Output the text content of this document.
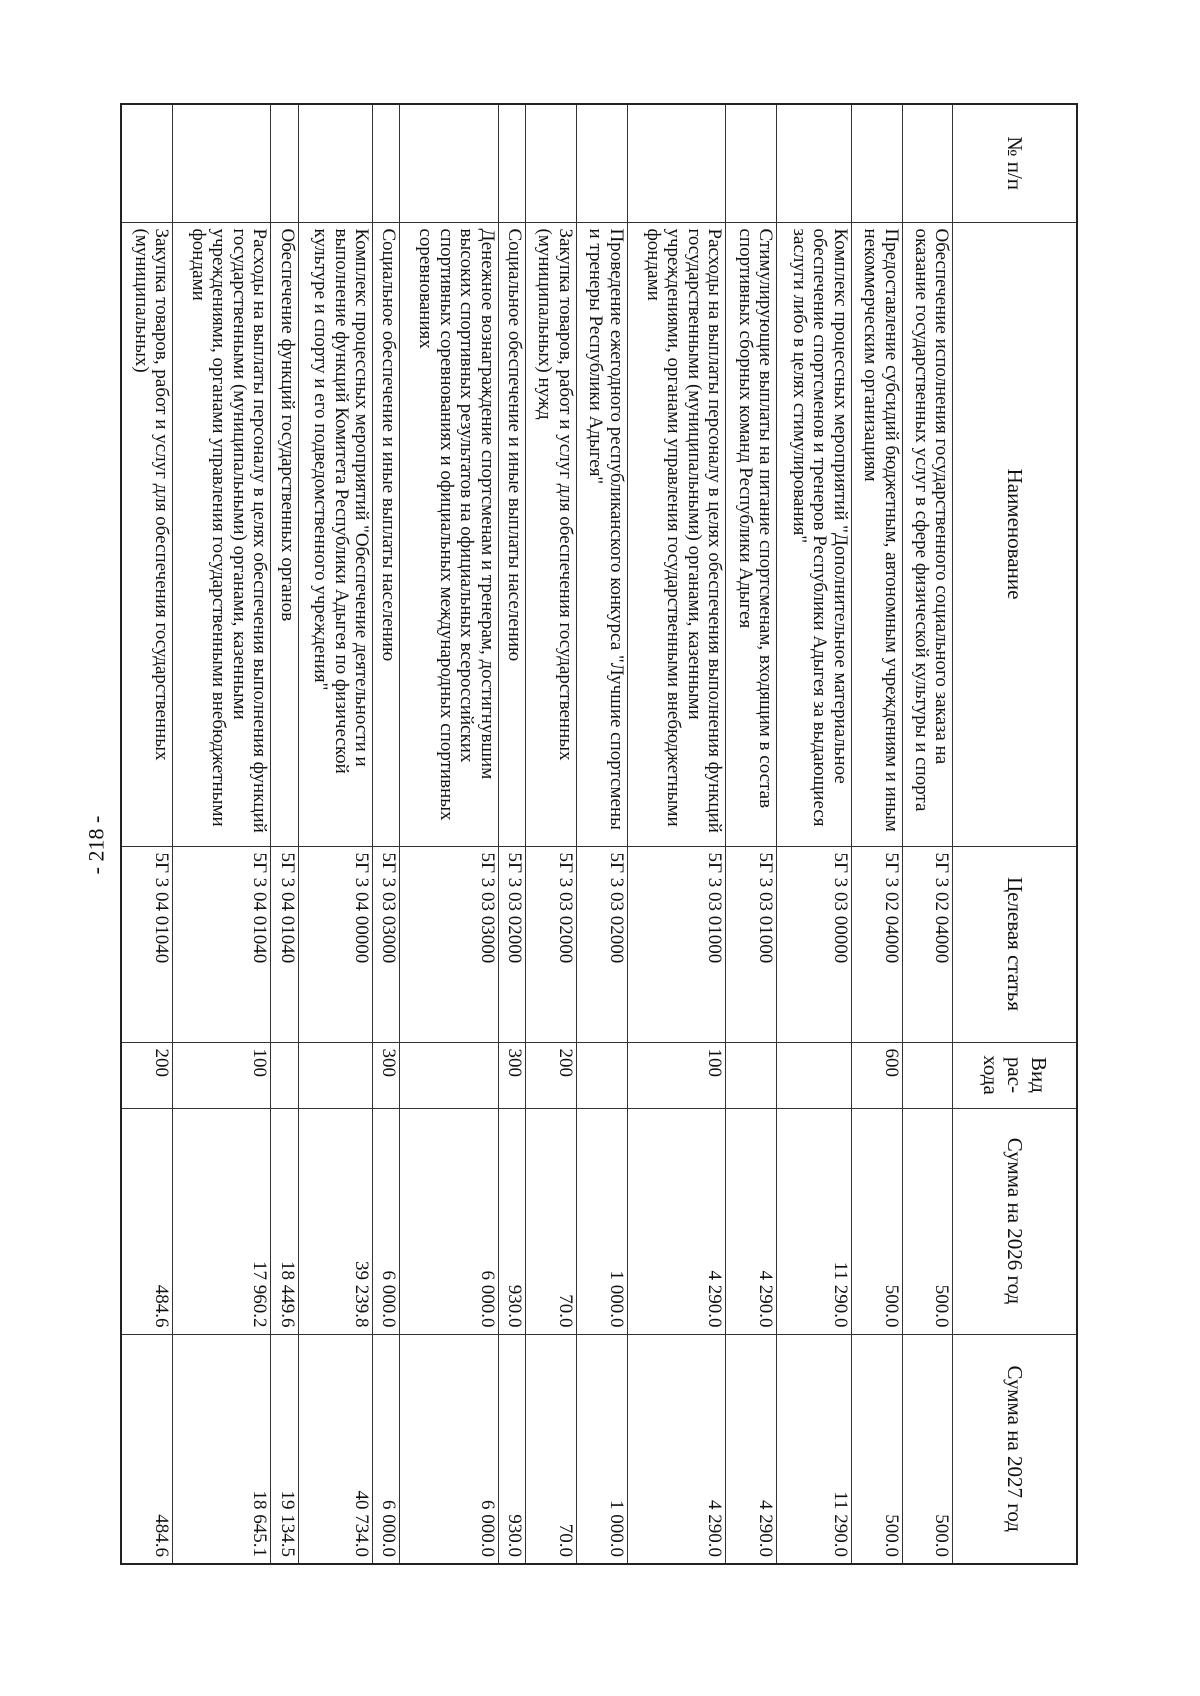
- 218 -
№ п/п	Наименование	Целевая статья	Вид рас-хода	Сумма на 2026 год	Сумма на 2027 год
	Обеспечение исполнения государственного социального заказа на оказание государственных услуг в сфере физической культуры и спорта	5Г 3 02 04000		500.0	500.0
	Предоставление субсидий бюджетным, автономным учреждениям и иным некоммерческим организациям	5Г 3 02 04000	600	500.0	500.0
	Комплекс процессных мероприятий "Дополнительное материальное обеспечение спортсменов и тренеров Республики Адыгея за выдающиеся заслуги либо в целях стимулирования"	5Г 3 03 00000		11 290.0	11 290.0
	Стимулирующие выплаты на питание спортсменам, входящим в состав спортивных сборных команд Республики Адыгея	5Г 3 03 01000		4 290.0	4 290.0
	Расходы на выплаты персоналу в целях обеспечения выполнения функций государственными (муниципальными) органами, казенными учреждениями, органами управления государственными внебюджетными фондами	5Г 3 03 01000	100	4 290.0	4 290.0
	Проведение ежегодного республиканского конкурса "Лучшие спортсмены и тренеры Республики Адыгея"	5Г 3 03 02000		1 000.0	1 000.0
	Закупка товаров, работ и услуг для обеспечения государственных (муниципальных) нужд	5Г 3 03 02000	200	70.0	70.0
	Социальное обеспечение и иные выплаты населению	5Г 3 03 02000	300	930.0	930.0
	Денежное вознаграждение спортсменам и тренерам, достигнувшим высоких спортивных результатов на официальных всероссийских спортивных соревнованиях и официальных международных спортивных соревнованиях	5Г 3 03 03000		6 000.0	6 000.0
	Социальное обеспечение и иные выплаты населению	5Г 3 03 03000	300	6 000.0	6 000.0
	Комплекс процессных мероприятий "Обеспечение деятельности и выполнение функций Комитета Республики Адыгея по физической культуре и спорту и его подведомственного учреждения"	5Г 3 04 00000		39 239.8	40 734.0
	Обеспечение функций государственных органов	5Г 3 04 01040		18 449.6	19 134.5
	Расходы на выплаты персоналу в целях обеспечения выполнения функций государственными (муниципальными) органами, казенными учреждениями, органами управления государственными внебюджетными фондами	5Г 3 04 01040	100	17 960.2	18 645.1
	Закупка товаров, работ и услуг для обеспечения государственных (муниципальных)	5Г 3 04 01040	200	484.6	484.6
